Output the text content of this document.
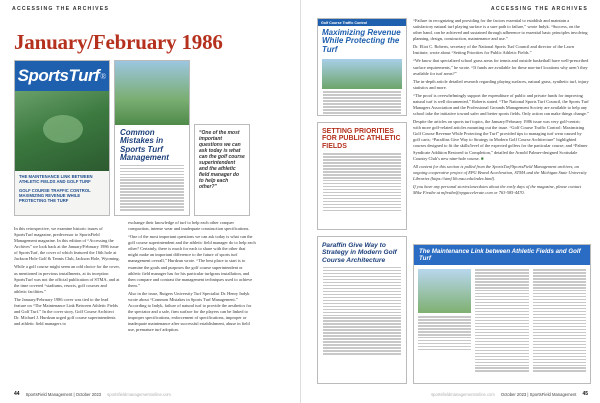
ACCESSING THE ARCHIVES
January/February 1986
SportsTurf ®
THE MAINTENANCE LINK BETWEEN ATHLETIC FIELDS AND GOLF TURF
GOLF COURSE TRAFFIC CONTROL MAXIMIZING REVENUE WHILE PROTECTING THE TURF
Common Mistakes in Sports Turf Management
“One of the most important questions we can ask today is what can the golf course superintendent and the athletic field manager do to help each other?”

In this retrospective, we examine historic issues of SportsTurf magazine, predecessor to SportsField Management magazine. In this edition of “Accessing the Archives” we look back at the January/February 1986 issue of SportsTurf, the cover of which featured the 16th hole at Jackson Hole Golf & Tennis Club, Jackson Hole, Wyoming.

While a golf course might seem an odd choice for the cover, as mentioned in previous installments, at its inception SportsTurf was not the official publication of STMA, and at the time covered “stadiums, resorts, golf courses and athletic facilities.”

The January/February 1986 cover was tied to the lead feature on “The Maintenance Link Between Athletic Fields and Golf Turf.” In the cover story, Golf Course Architect Dr. Michael J. Hurdzan urged golf course superintendents and athletic field managers to

exchange their knowledge of turf to help each other conquer compaction, intense wear and inadequate construction specifications.

“One of the most important questions we can ask today is what can the golf course superintendent and the athletic field manager do to help each other? Certainly, there is much for each to share with the other that might make an important difference to the future of sports turf management overall,” Hurdzan wrote. “The best place to start is to examine the goals and purposes the golf course superintendent or athletic field manager has for his particular turfgrass installation, and then compare and contrast the management techniques used to achieve them.”

Also in the issue, Rutgers University Turf Specialist Dr. Henry Indyk wrote about “Common Mistakes in Sports Turf Management.” According to Indyk, failure of natural turf to provide the aesthetics for the spectator and a safe, firm surface for the players can be linked to improper specifications, enforcement of specifications, improper or inadequate maintenance after successful establishment, abuse in field use, premature turf adoption.

44 SportsField Management | October 2023 sportsfieldmanagementonline.com
ACCESSING THE ARCHIVES
Golf Course Traffic Control
Maximizing Revenue While Protecting the Turf
SETTING PRIORITIES FOR PUBLIC ATHLETIC FIELDS
Paraffin Give Way to Strategy in Modern Golf Course Architecture
The Maintenance Link between Athletic Fields and Golf Turf

“Failure in recognizing and providing for the factors essential to establish and maintain a satisfactory natural turf playing surface is a sure path to failure,” wrote Indyk. “Success, on the other hand, can be achieved and sustained through adherence to essential basic principles involving planning, design, construction, maintenance and use.”

Dr. Eliot C. Roberts, secretary of the National Sports Turf Council and director of the Lawn Institute, wrote about “Setting Priorities for Public Athletic Fields.”

“We know that specialized school grass areas for tennis and outside basketball have well-prescribed surface requirements,” he wrote. “If funds are available for these non-turf locations why aren’t they available for turf areas?”

The in-depth article detailed research regarding playing surfaces, natural grass, synthetic turf, injury statistics and more.

“The proof is overwhelmingly support the expenditure of public and private funds for improving natural turf is well documented,” Roberts stated. “The National Sports Turf Council, the Sports Turf Managers Association and the Professional Grounds Management Society are available to help any school take the initiative toward safer and better sports fields. Only action can make things change.”

Despite the articles on sports turf topics, the January/February 1986 issue was very golf-centric with more golf-related articles mounting out the issue. “Golf Course Traffic Control: Maximizing Golf Course Revenue While Protecting the Turf” provided tips to managing turf wear caused by golf carts; “Paraffins Give Way to Strategy in Modern Golf Course Architecture” highlighted courses designed to fit the skills/level of the expected golfers for the particular course; and “Palmer Syndicate Addition Restored to Completion,” detailed the Arnold Palmer-designed Scottsdale Country Club’s new nine-hole course. ■

All content for this section is pulled from the SportsTurf/SportsField Management archives, an ongoing cooperative project of EPG Brand Acceleration, STMA and the Michigan State University Libraries (https://stmf.lib.msu.edu/index.html).

If you have any personal stories/anecdotes about the early days of the magazine, please contact Mike Firstbe at mfirstbe@epgaccelerate.com or 763-585-4470.

sportsfieldmanagementonline.com October 2023 | SportsField Management 45
